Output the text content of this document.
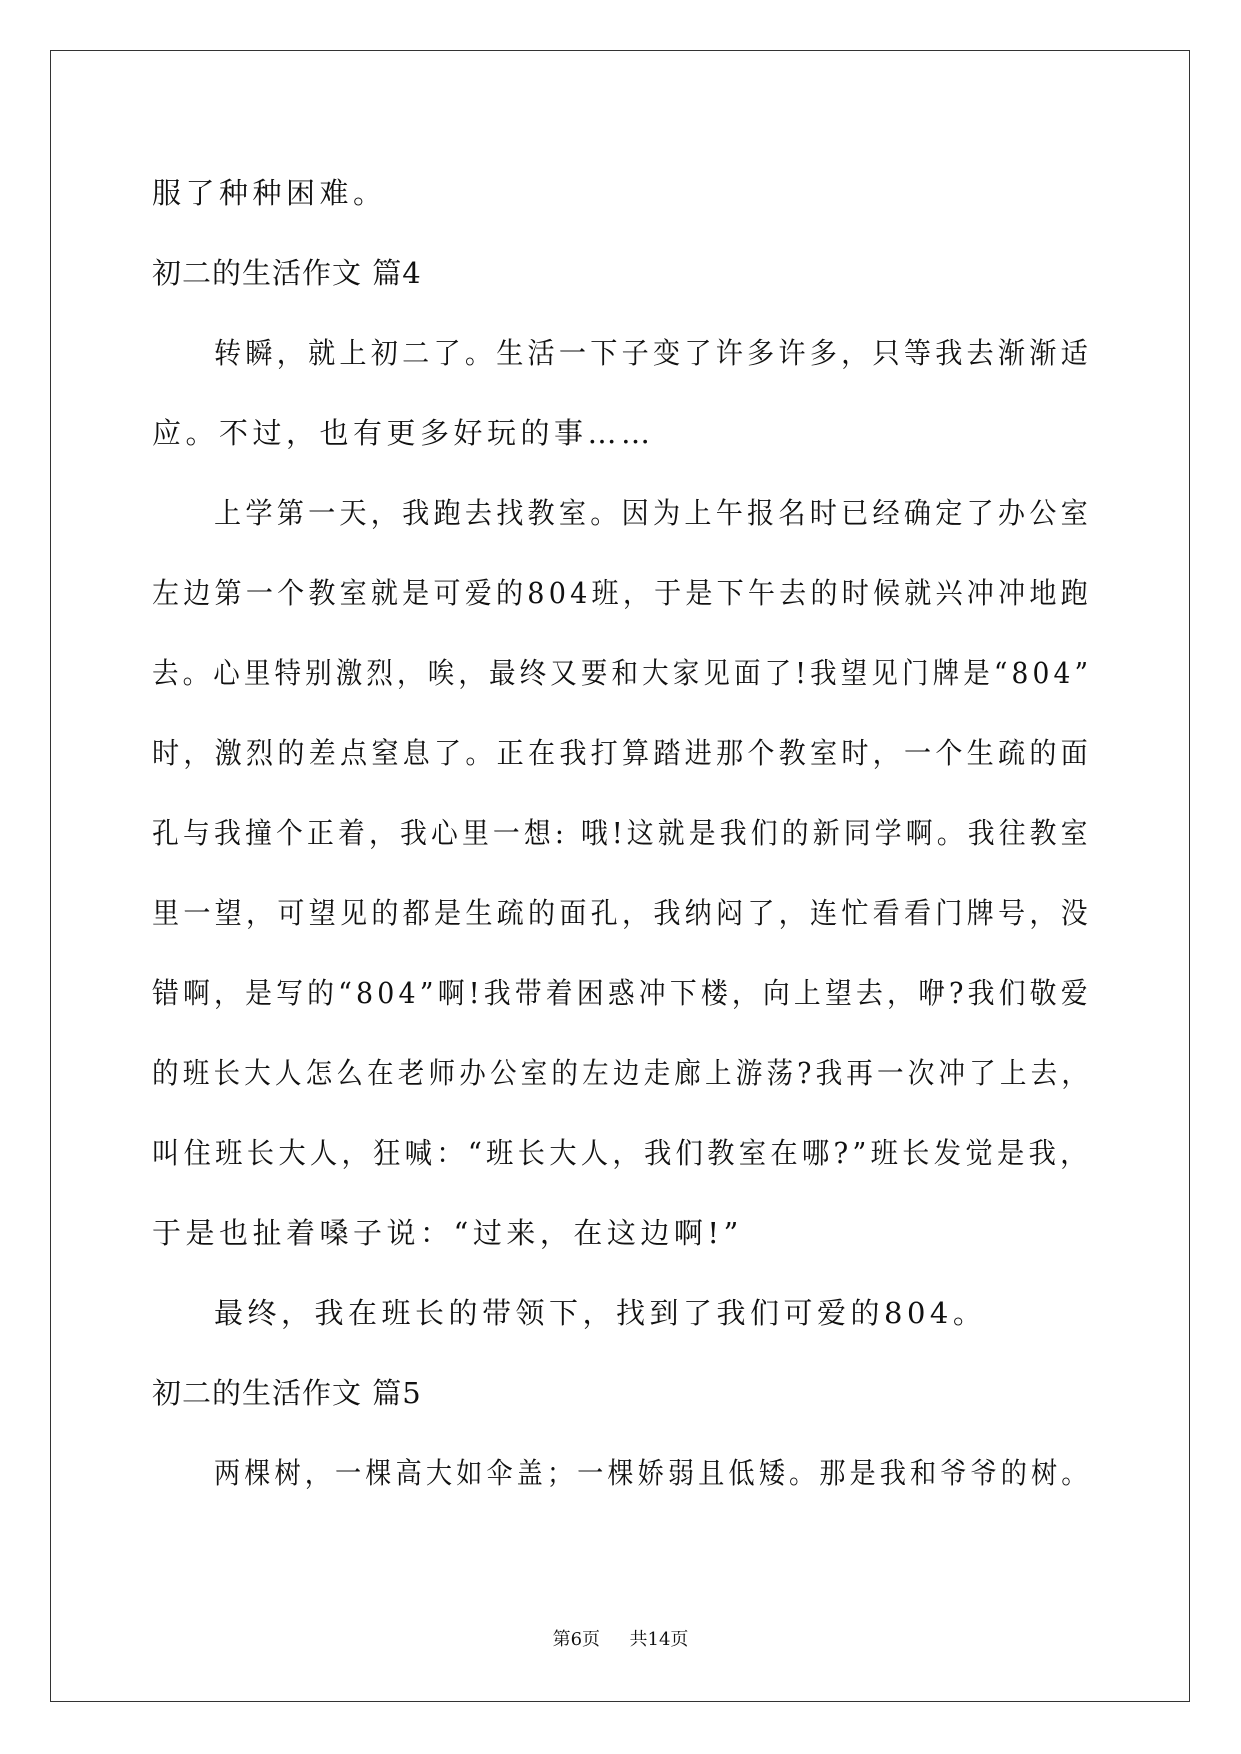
服了种种困难。
初二的生活作文 篇4
转瞬，就上初二了。生活一下子变了许多许多，只等我去渐渐适
应。不过，也有更多好玩的事……
上学第一天，我跑去找教室。因为上午报名时已经确定了办公室
左边第一个教室就是可爱的804班，于是下午去的时候就兴冲冲地跑
去。心里特别激烈，唉，最终又要和大家见面了!我望见门牌是“804”
时，激烈的差点窒息了。正在我打算踏进那个教室时，一个生疏的面
孔与我撞个正着，我心里一想: 哦!这就是我们的新同学啊。我往教室
里一望，可望见的都是生疏的面孔，我纳闷了，连忙看看门牌号，没
错啊，是写的“804”啊!我带着困惑冲下楼，向上望去，咿?我们敬爱
的班长大人怎么在老师办公室的左边走廊上游荡?我再一次冲了上去，
叫住班长大人，狂喊：“班长大人，我们教室在哪?”班长发觉是我，
于是也扯着嗓子说：“过来，在这边啊!”
最终，我在班长的带领下，找到了我们可爱的804。
初二的生活作文 篇5
两棵树，一棵高大如伞盖；一棵娇弱且低矮。那是我和爷爷的树。
第6页 共14页
